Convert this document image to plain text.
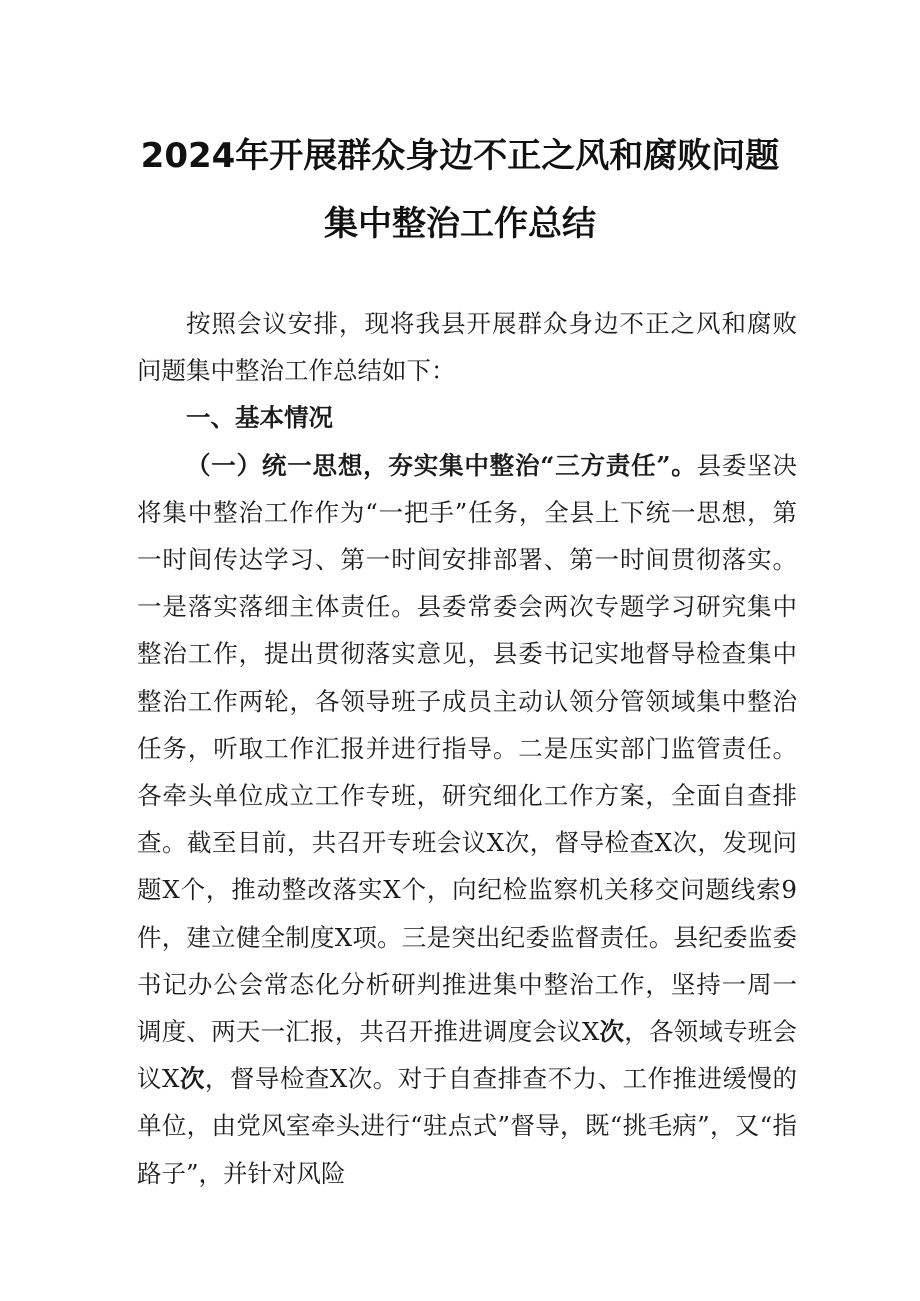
2024年开展群众身边不正之风和腐败问题
集中整治工作总结

按照会议安排，现将我县开展群众身边不正之风和腐败问题集中整治工作总结如下：

一、基本情况

（一）统一思想，夯实集中整治“三方责任”。县委坚决将集中整治工作作为“一把手”任务，全县上下统一思想，第一时间传达学习、第一时间安排部署、第一时间贯彻落实。一是落实落细主体责任。县委常委会两次专题学习研究集中整治工作，提出贯彻落实意见，县委书记实地督导检查集中整治工作两轮，各领导班子成员主动认领分管领域集中整治任务，听取工作汇报并进行指导。二是压实部门监管责任。各牵头单位成立工作专班，研究细化工作方案，全面自查排查。截至目前，共召开专班会议X次，督导检查X次，发现问题X个，推动整改落实X个，向纪检监察机关移交问题线索9件，建立健全制度X项。三是突出纪委监督责任。县纪委监委书记办公会常态化分析研判推进集中整治工作，坚持一周一调度、两天一汇报，共召开推进调度会议X次，各领域专班会议X次，督导检查X次。对于自查排查不力、工作推进缓慢的单位，由党风室牵头进行“驻点式”督导，既“挑毛病”，又“指路子”，并针对风险
